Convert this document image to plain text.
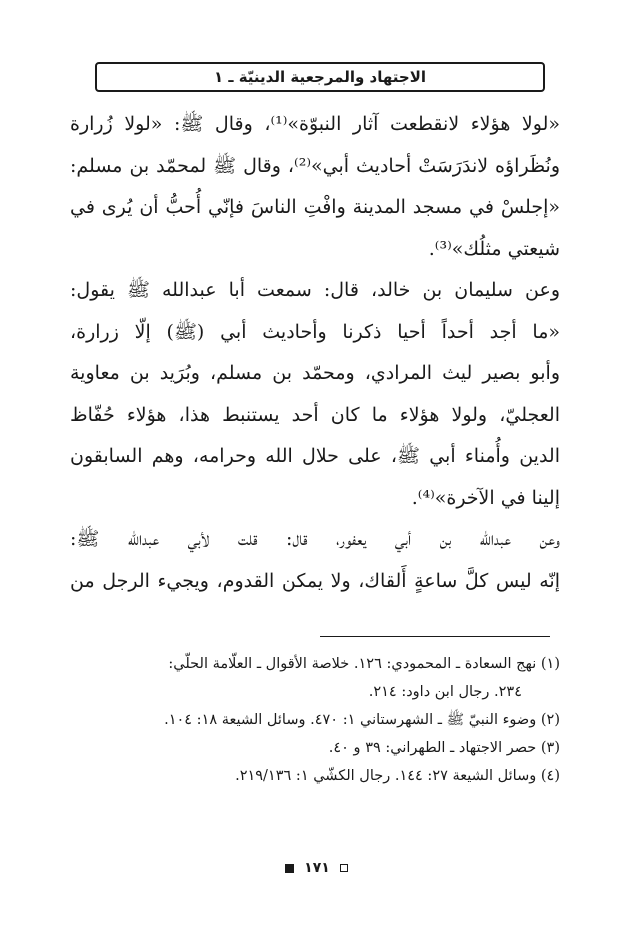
الاجتهاد والمرجعية الدينيّة ـ ١
«لولا هؤلاء لانقطعت آثار النبوّة»⁽¹⁾، وقال ﷺ: «لولا زُرارة
ونُظَراؤه لاندَرَسَتْ أحاديث أبي»⁽²⁾، وقال ﷺ لمحمّد بن مسلم:
«إجلسْ في مسجد المدينة وافْتِ الناسَ فإنّي أُحبُّ أن يُرى في
شيعتي مثلُك»⁽³⁾.
وعن سليمان بن خالد، قال: سمعت أبا عبدالله ﷺ يقول:
«ما أجد أحداً أحيا ذكرنا وأحاديث أبي (ﷺ) إلّا زرارة،
وأبو بصير ليث المرادي، ومحمّد بن مسلم، وبُرَيد بن معاوية
العجليّ، ولولا هؤلاء ما كان أحد يستنبط هذا، هؤلاء حُفّاظ
الدين وأُمناء أبي ﷺ، على حلال الله وحرامه، وهم السابقون
إلينا في الآخرة»⁽⁴⁾.
وعن عبدالله بن أبي يعفور، قال: قلت لأبي عبدالله ﷺ:
إنّه ليس كلَّ ساعةٍ أَلقاك، ولا يمكن القدوم، ويجيء الرجل من
(١) نهج السعادة ـ المحمودي: ١٢٦. خلاصة الأقوال ـ العلّامة الحلّي:
٢٣٤. رجال ابن داود: ٢١٤.
(٢) وضوء النبيّ ﷺ ـ الشهرستاني ١: ٤٧٠. وسائل الشيعة ١٨: ١٠٤.
(٣) حصر الاجتهاد ـ الطهراني: ٣٩ و ٤٠.
(٤) وسائل الشيعة ٢٧: ١٤٤. رجال الكشّي ١: ٢١٩/١٣٦.
١٧١
